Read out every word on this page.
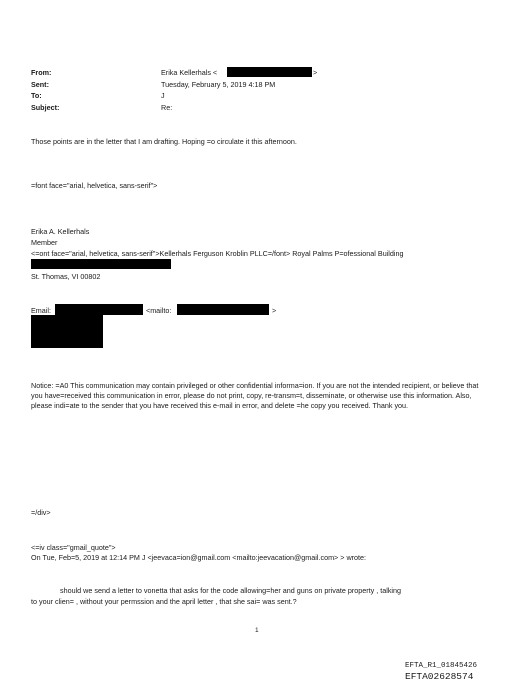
From:	Erika Kellerhals <	>
Sent:	Tuesday, February 5, 2019 4:18 PM
To:	J
Subject:	Re:
Those points are in the letter that I am drafting. Hoping =o circulate it this afternoon.
=font face="arial, helvetica, sans-serif">
Erika A. Kellerhals
Member
<=ont face="arial, helvetica, sans-serif">Kellerhals Ferguson Kroblin PLLC=/font> Royal Palms P=ofessional Building
St. Thomas, VI 00802
Email:	<mailto:	>
Notice: =A0 This communication may contain privileged or other confidential informa=ion. If you are not the intended recipient, or believe that you have=received this communication in error, please do not print, copy, re-transm=t, disseminate, or otherwise use this information. Also, please indi=ate to the sender that you have received this e-mail in error, and delete =he copy you received. Thank you.
=/div>
<=iv class="gmail_quote">
On Tue, Feb=5, 2019 at 12:14 PM J <jeevaca=ion@gmail.com <mailto:jeevacation@gmail.com> > wrote:
should we send a letter to vonetta that asks for the code allowing=her and guns on private property , talking
to your clien= , without your permssion and the april letter , that she sai= was sent.?
1
EFTA_R1_01845426
EFTA02628574
